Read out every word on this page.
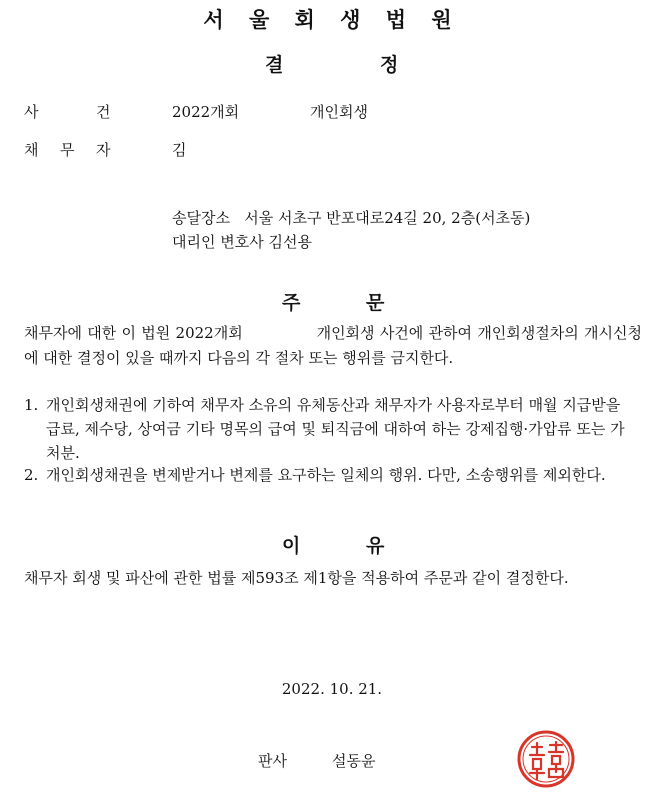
서 울 회 생 법 원
결	정
사	건	2022개회	개인회생
채 무 자	김
송달장소   서울 서초구 반포대로24길 20, 2층(서초동)
대리인 변호사 김선용
주	문
채무자에 대한 이 법원 2022개회              개인회생 사건에 관하여 개인회생절차의 개시신청에 대한 결정이 있을 때까지 다음의 각 절차 또는 행위를 금지한다.
1. 개인회생채권에 기하여 채무자 소유의 유체동산과 채무자가 사용자로부터 매월 지급받을 급료, 제수당, 상여금 기타 명목의 급여 및 퇴직금에 대하여 하는 강제집행·가압류 또는 가처분.
2. 개인회생채권을 변제받거나 변제를 요구하는 일체의 행위. 다만, 소송행위를 제외한다.
이	유
채무자 회생 및 파산에 관한 법률 제593조 제1항을 적용하여 주문과 같이 결정한다.
2022. 10. 21.
판사	설동윤
